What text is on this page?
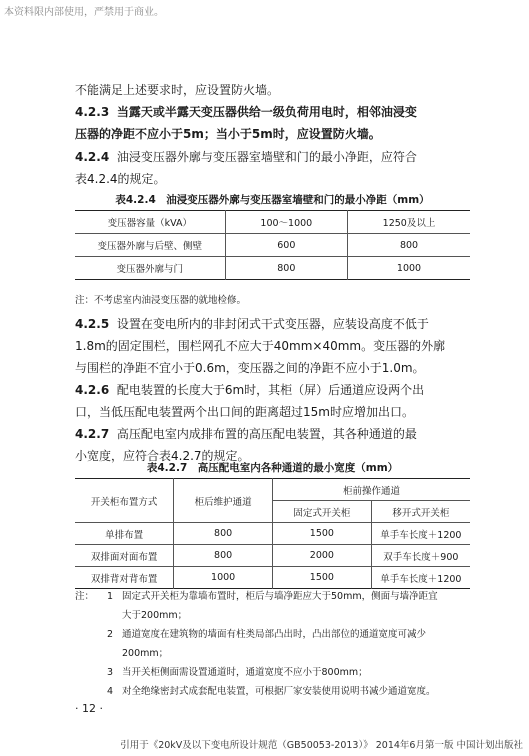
本资料限内部使用，严禁用于商业。

不能满足上述要求时，应设置防火墙。

4.2.3 当露天或半露天变压器供给一级负荷用电时，相邻油浸变
压器的净距不应小于5m；当小于5m时，应设置防火墙。

4.2.4 油浸变压器外廓与变压器室墙壁和门的最小净距，应符合
表4.2.4的规定。

表4.2.4　油浸变压器外廓与变压器室墙壁和门的最小净距（mm）
变压器容量（kVA）	100～1000	1250及以上
变压器外廓与后壁、侧壁	600	800
变压器外廓与门	800	1000
注：不考虑室内油浸变压器的就地检修。

4.2.5 设置在变电所内的非封闭式干式变压器，应装设高度不低于
1.8m的固定围栏，围栏网孔不应大于40mm×40mm。变压器的外廓
与围栏的净距不宜小于0.6m，变压器之间的净距不应小于1.0m。

4.2.6 配电装置的长度大于6m时，其柜（屏）后通道应设两个出
口，当低压配电装置两个出口间的距离超过15m时应增加出口。

4.2.7 高压配电室内成排布置的高压配电装置，其各种通道的最
小宽度，应符合表4.2.7的规定。

表4.2.7　高压配电室内各种通道的最小宽度（mm）
开关柜布置方式	柜后维护通道	柜前操作通道	
		固定式开关柜	移开式开关柜
单排布置	800	1500	单手车长度＋1200
双排面对面布置	800	2000	双手车长度＋900
双排背对背布置	1000	1500	单手车长度＋1200
注：	1 固定式开关柜为靠墙布置时，柜后与墙净距应大于50mm，侧面与墙净距宜
大于200mm；
2 通道宽度在建筑物的墙面有柱类局部凸出时，凸出部位的通道宽度可减少
200mm；
3 当开关柜侧面需设置通道时，通道宽度不应小于800mm；
4 对全绝缘密封式成套配电装置，可根据厂家安装使用说明书减少通道宽度。
· 12 ·
引用于《20kV及以下变电所设计规范（GB50053-2013）》 2014年6月第一版 中国计划出版社
